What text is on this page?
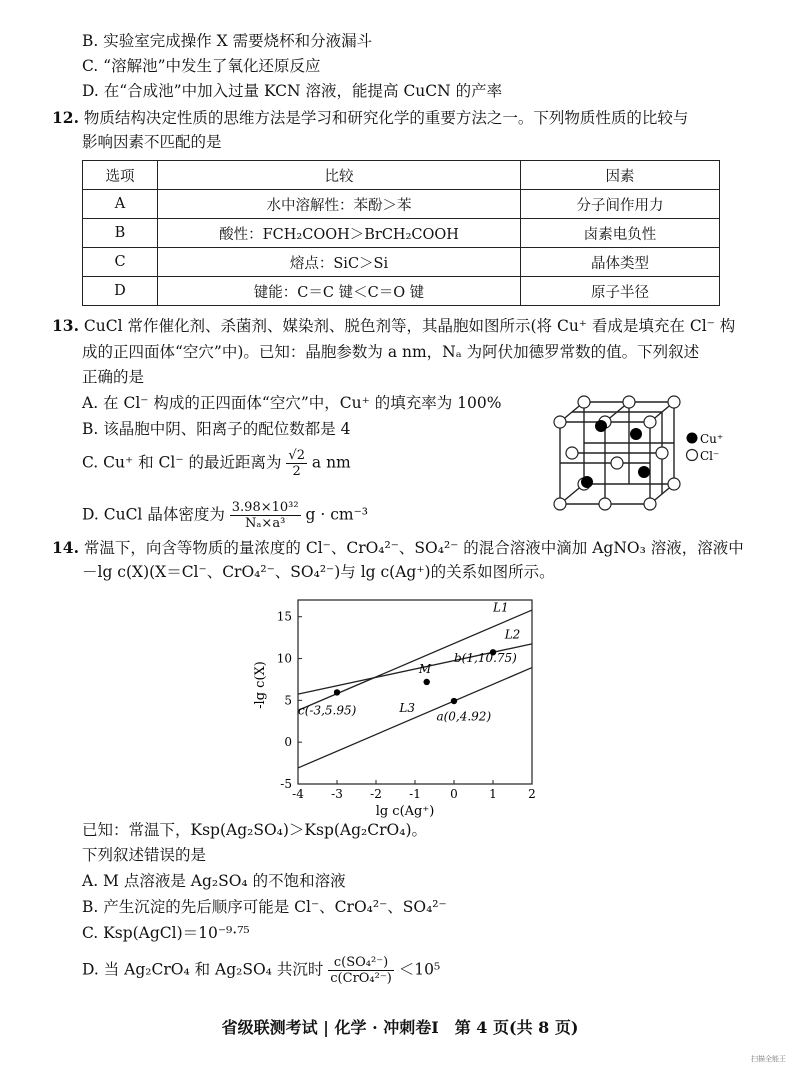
B. 实验室完成操作 X 需要烧杯和分液漏斗
C. “溶解池”中发生了氧化还原反应
D. 在“合成池”中加入过量 KCN 溶液，能提高 CuCN 的产率
12. 物质结构决定性质的思维方法是学习和研究化学的重要方法之一。下列物质性质的比较与
影响因素不匹配的是
选项	比较	因素
A	水中溶解性：苯酚＞苯	分子间作用力
B	酸性：FCH₂COOH＞BrCH₂COOH	卤素电负性
C	熔点：SiC＞Si	晶体类型
D	键能：C＝C 键＜C＝O 键	原子半径
13. CuCl 常作催化剂、杀菌剂、媒染剂、脱色剂等，其晶胞如图所示(将 Cu⁺ 看成是填充在 Cl⁻ 构
成的正四面体“空穴”中)。已知：晶胞参数为 a nm，Nₐ 为阿伏加德罗常数的值。下列叙述
正确的是
A. 在 Cl⁻ 构成的正四面体“空穴”中，Cu⁺ 的填充率为 100%
B. 该晶胞中阴、阳离子的配位数都是 4
C. Cu⁺ 和 Cl⁻ 的最近距离为 $\frac{√2}{2}$ a nm
D. CuCl 晶体密度为 $\frac{\text{3.98×10³²}}{\text{Nₐ×a³}}$ g · cm⁻³
Cu⁺
Cl⁻
14. 常温下，向含等物质的量浓度的 Cl⁻、CrO₄²⁻、SO₄²⁻ 的混合溶液中滴加 AgNO₃ 溶液，溶液中
－lg c(X)(X＝Cl⁻、CrO₄²⁻、SO₄²⁻)与 lg c(Ag⁺)的关系如图所示。
-4 -3 -2 -1 0	1	2
-5
0
5
10
15
L1
L2
L3
c(-3,5.95)
b(1,10.75)
a(0,4.92)
M
lg c(Ag⁺)
-lg c(X)
已知：常温下，Ksp(Ag₂SO₄)＞Ksp(Ag₂CrO₄)。
下列叙述错误的是
A. M 点溶液是 Ag₂SO₄ 的不饱和溶液
B. 产生沉淀的先后顺序可能是 Cl⁻、CrO₄²⁻、SO₄²⁻
C. Ksp(AgCl)＝10⁻⁹·⁷⁵
D. 当 Ag₂CrO₄ 和 Ag₂SO₄ 共沉时 $\frac{\text{c(SO₄²⁻)}}{\text{c(CrO₄²⁻)}} <10^5$
省级联测考试 | 化学 · 冲刺卷Ⅰ　第 4 页(共 8 页)
扫描全能王
